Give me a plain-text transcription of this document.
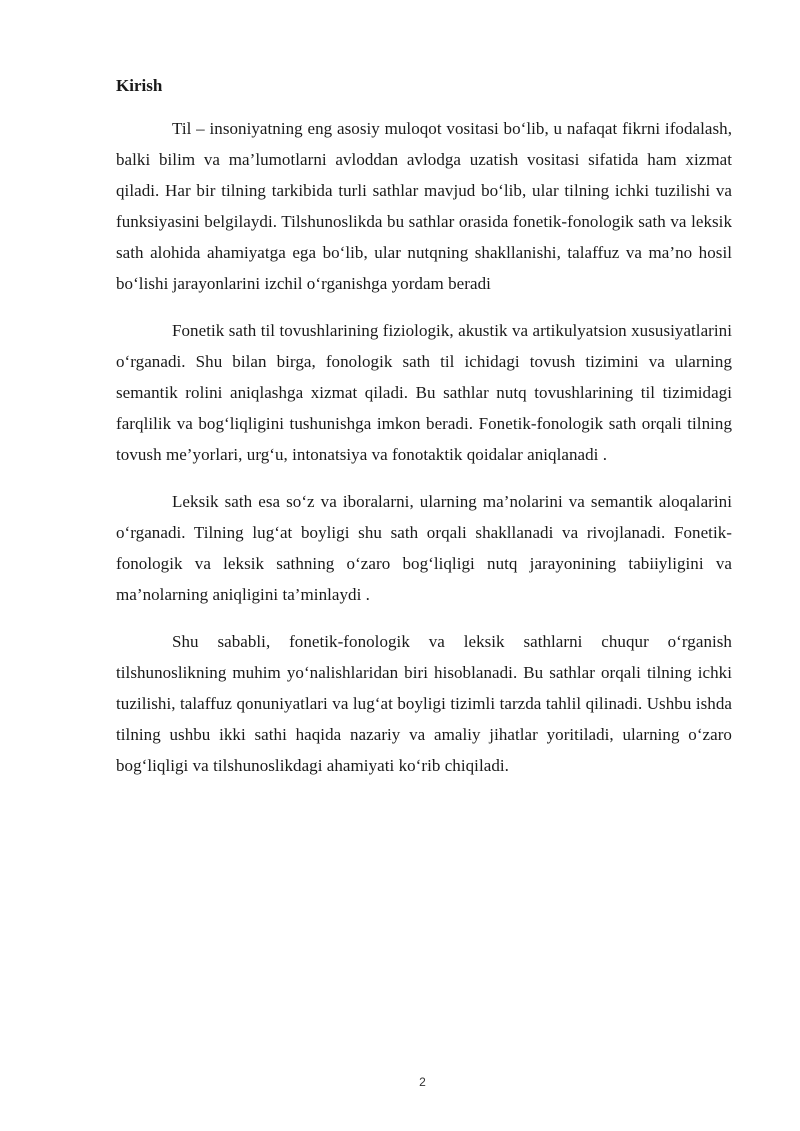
Kirish

Til – insoniyatning eng asosiy muloqot vositasi bo‘lib, u nafaqat fikrni ifodalash, balki bilim va ma’lumotlarni avloddan avlodga uzatish vositasi sifatida ham xizmat qiladi. Har bir tilning tarkibida turli sathlar mavjud bo‘lib, ular tilning ichki tuzilishi va funksiyasini belgilaydi. Tilshunoslikda bu sathlar orasida fonetik-fonologik sath va leksik sath alohida ahamiyatga ega bo‘lib, ular nutqning shakllanishi, talaffuz va ma’no hosil bo‘lishi jarayonlarini izchil o‘rganishga yordam beradi

Fonetik sath til tovushlarining fiziologik, akustik va artikulyatsion xususiyatlarini o‘rganadi. Shu bilan birga, fonologik sath til ichidagi tovush tizimini va ularning semantik rolini aniqlashga xizmat qiladi. Bu sathlar nutq tovushlarining til tizimidagi farqlilik va bog‘liqligini tushunishga imkon beradi. Fonetik-fonologik sath orqali tilning tovush me’yorlari, urg‘u, intonatsiya va fonotaktik qoidalar aniqlanadi .

Leksik sath esa so‘z va iboralarni, ularning ma’nolarini va semantik aloqalarini o‘rganadi. Tilning lug‘at boyligi shu sath orqali shakllanadi va rivojlanadi. Fonetik-fonologik va leksik sathning o‘zaro bog‘liqligi nutq jarayonining tabiiyligini va ma’nolarning aniqligini ta’minlaydi .

Shu sababli, fonetik-fonologik va leksik sathlarni chuqur o‘rganish tilshunoslikning muhim yo‘nalishlaridan biri hisoblanadi. Bu sathlar orqali tilning ichki tuzilishi, talaffuz qonuniyatlari va lug‘at boyligi tizimli tarzda tahlil qilinadi. Ushbu ishda tilning ushbu ikki sathi haqida nazariy va amaliy jihatlar yoritiladi, ularning o‘zaro bog‘liqligi va tilshunoslikdagi ahamiyati ko‘rib chiqiladi.

2
